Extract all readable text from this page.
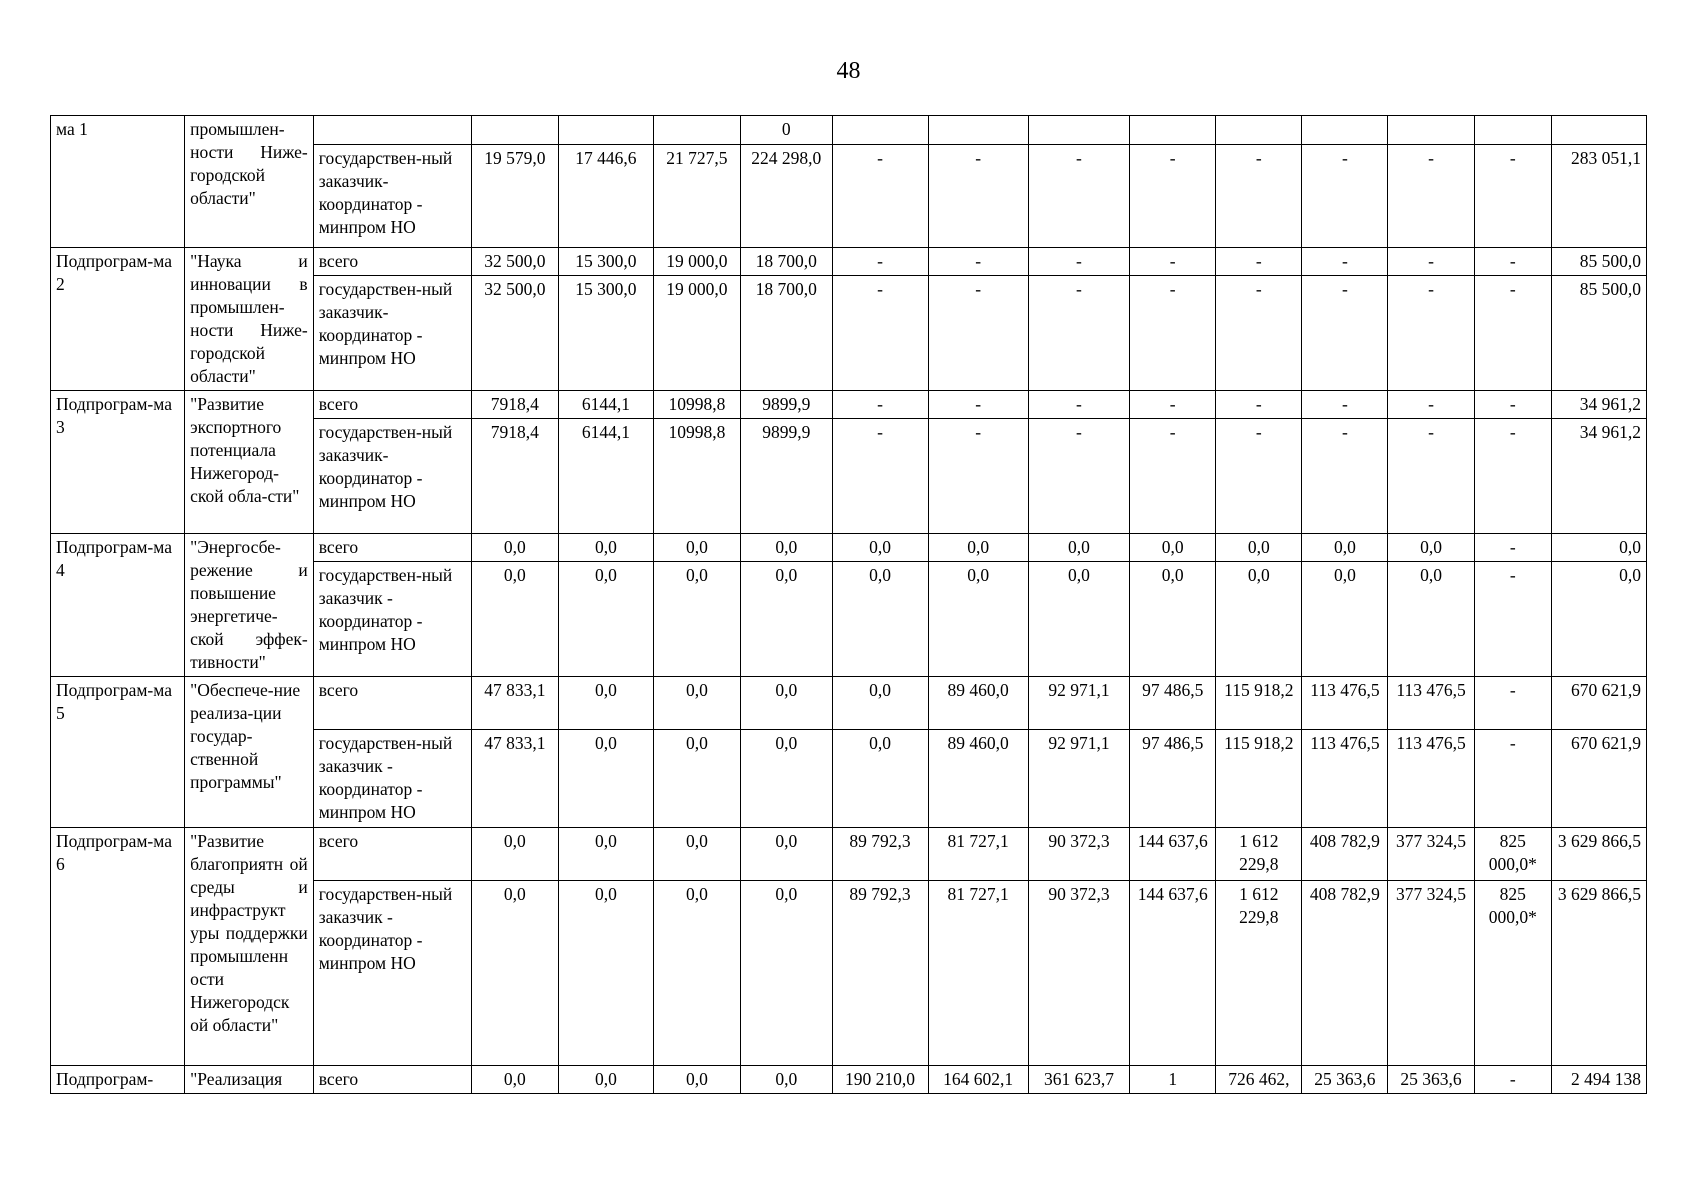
48
ма 1	промышлен-ности Ниже-городской области"					0									
		государствен-ный заказчик-координатор - минпром НО	19 579,0	17 446,6	21 727,5	224 298,0	-	-	-	-	-	-	-	-	283 051,1
Подпрограм-ма 2	"Наука и инновации в промышлен-ности Ниже-городской области"	всего	32 500,0	15 300,0	19 000,0	18 700,0	-	-	-	-	-	-	-	-	85 500,0
		государствен-ный заказчик-координатор - минпром НО	32 500,0	15 300,0	19 000,0	18 700,0	-	-	-	-	-	-	-	-	85 500,0
Подпрограм-ма 3	"Развитие экспортного потенциала Нижегород-ской обла-сти"	всего	7918,4	6144,1	10998,8	9899,9	-	-	-	-	-	-	-	-	34 961,2
		государствен-ный заказчик-координатор - минпром НО	7918,4	6144,1	10998,8	9899,9	-	-	-	-	-	-	-	-	34 961,2
Подпрограм-ма 4	"Энергосбе-режение и повышение энергетиче-ской эффек-тивности"	всего	0,0	0,0	0,0	0,0	0,0	0,0	0,0	0,0	0,0	0,0	0,0	-	0,0
		государствен-ный заказчик - координатор - минпром НО	0,0	0,0	0,0	0,0	0,0	0,0	0,0	0,0	0,0	0,0	0,0	-	0,0
Подпрограм-ма 5	"Обеспече-ние реализа-ции государ-ственной программы"	всего	47 833,1	0,0	0,0	0,0	0,0	89 460,0	92 971,1	97 486,5	115 918,2	113 476,5	113 476,5	-	670 621,9
		государствен-ный заказчик - координатор - минпром НО	47 833,1	0,0	0,0	0,0	0,0	89 460,0	92 971,1	97 486,5	115 918,2	113 476,5	113 476,5	-	670 621,9
Подпрограм-ма 6	"Развитие благоприятн ой среды и инфраструкт уры поддержки промышленн ости Нижегородск ой области"	всего	0,0	0,0	0,0	0,0	89 792,3	81 727,1	90 372,3	144 637,6	1 612 229,8	408 782,9	377 324,5	825 000,0*	3 629 866,5
		государствен-ный заказчик - координатор - минпром НО	0,0	0,0	0,0	0,0	89 792,3	81 727,1	90 372,3	144 637,6	1 612 229,8	408 782,9	377 324,5	825 000,0*	3 629 866,5
Подпрограм-	"Реализация	всего	0,0	0,0	0,0	0,0	190 210,0	164 602,1	361 623,7	1	726 462,	25 363,6	25 363,6	-	2 494 138
